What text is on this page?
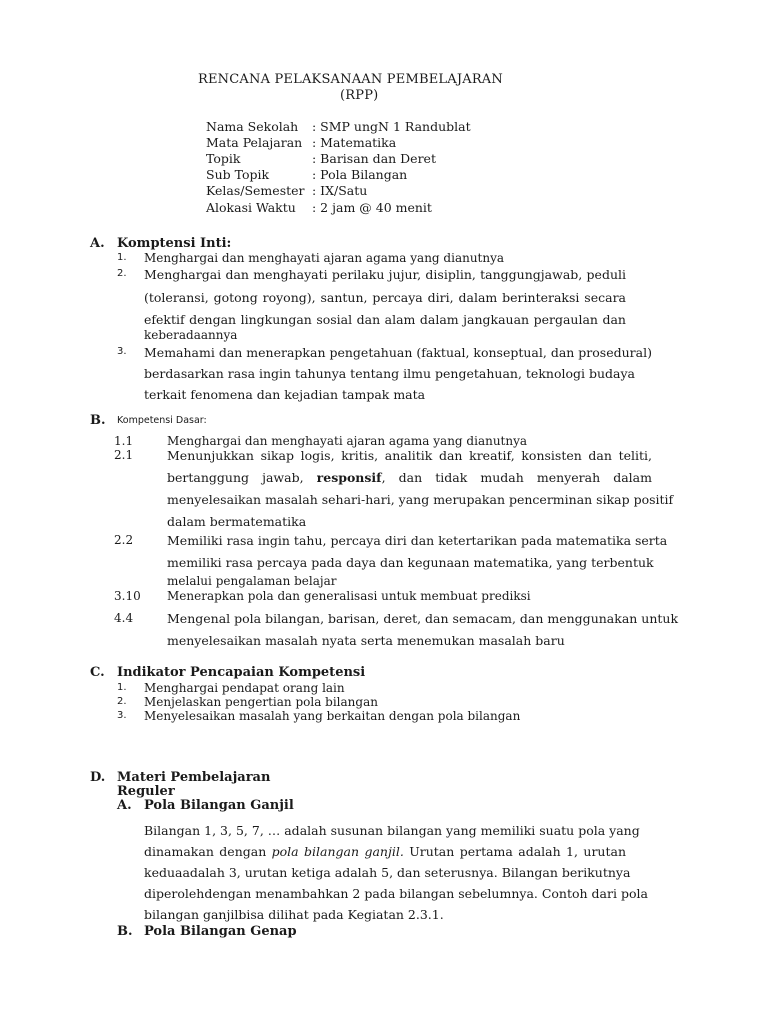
RENCANA PELAKSANAAN PEMBELAJARAN
(RPP)
Nama Sekolah : SMP ungN 1 Randublat
Mata Pelajaran : Matematika
Topik	: Barisan dan Deret
Sub Topik	: Pola Bilangan
Kelas/Semester : IX/Satu
Alokasi Waktu : 2 jam @ 40 menit
A. Komptensi Inti:
1. Menghargai dan menghayati ajaran agama yang dianutnya
2. Menghargai dan menghayati perilaku jujur, disiplin, tanggungjawab, peduli
(toleransi, gotong royong), santun, percaya diri, dalam berinteraksi secara
efektif dengan lingkungan sosial dan alam dalam jangkauan pergaulan dan
keberadaannya
3. Memahami dan menerapkan pengetahuan (faktual, konseptual, dan prosedural)
berdasarkan rasa ingin tahunya tentang ilmu pengetahuan, teknologi budaya
terkait fenomena dan kejadian tampak mata
B. Kompetensi Dasar:
1.1	Menghargai dan menghayati ajaran agama yang dianutnya
2.1	Menunjukkan sikap logis, kritis, analitik dan kreatif, konsisten dan teliti,
bertanggung jawab, responsif, dan tidak mudah menyerah dalam
menyelesaikan masalah sehari-hari, yang merupakan pencerminan sikap positif
dalam bermatematika
2.2	Memiliki rasa ingin tahu, percaya diri dan ketertarikan pada matematika serta
memiliki rasa percaya pada daya dan kegunaan matematika, yang terbentuk
melalui pengalaman belajar
3.10 Menerapkan pola dan generalisasi untuk membuat prediksi
4.4	Mengenal pola bilangan, barisan, deret, dan semacam, dan menggunakan untuk
menyelesaikan masalah nyata serta menemukan masalah baru
C. Indikator Pencapaian Kompetensi
1. Menghargai pendapat orang lain
2. Menjelaskan pengertian pola bilangan
3. Menyelesaikan masalah yang berkaitan dengan pola bilangan
D. Materi Pembelajaran
Reguler
A. Pola Bilangan Ganjil
Bilangan 1, 3, 5, 7, … adalah susunan bilangan yang memiliki suatu pola yang
dinamakan dengan pola bilangan ganjil. Urutan pertama adalah 1, urutan
keduaadalah 3, urutan ketiga adalah 5, dan seterusnya. Bilangan berikutnya
diperolehdengan menambahkan 2 pada bilangan sebelumnya. Contoh dari pola
bilangan ganjilbisa dilihat pada Kegiatan 2.3.1.
B. Pola Bilangan Genap
